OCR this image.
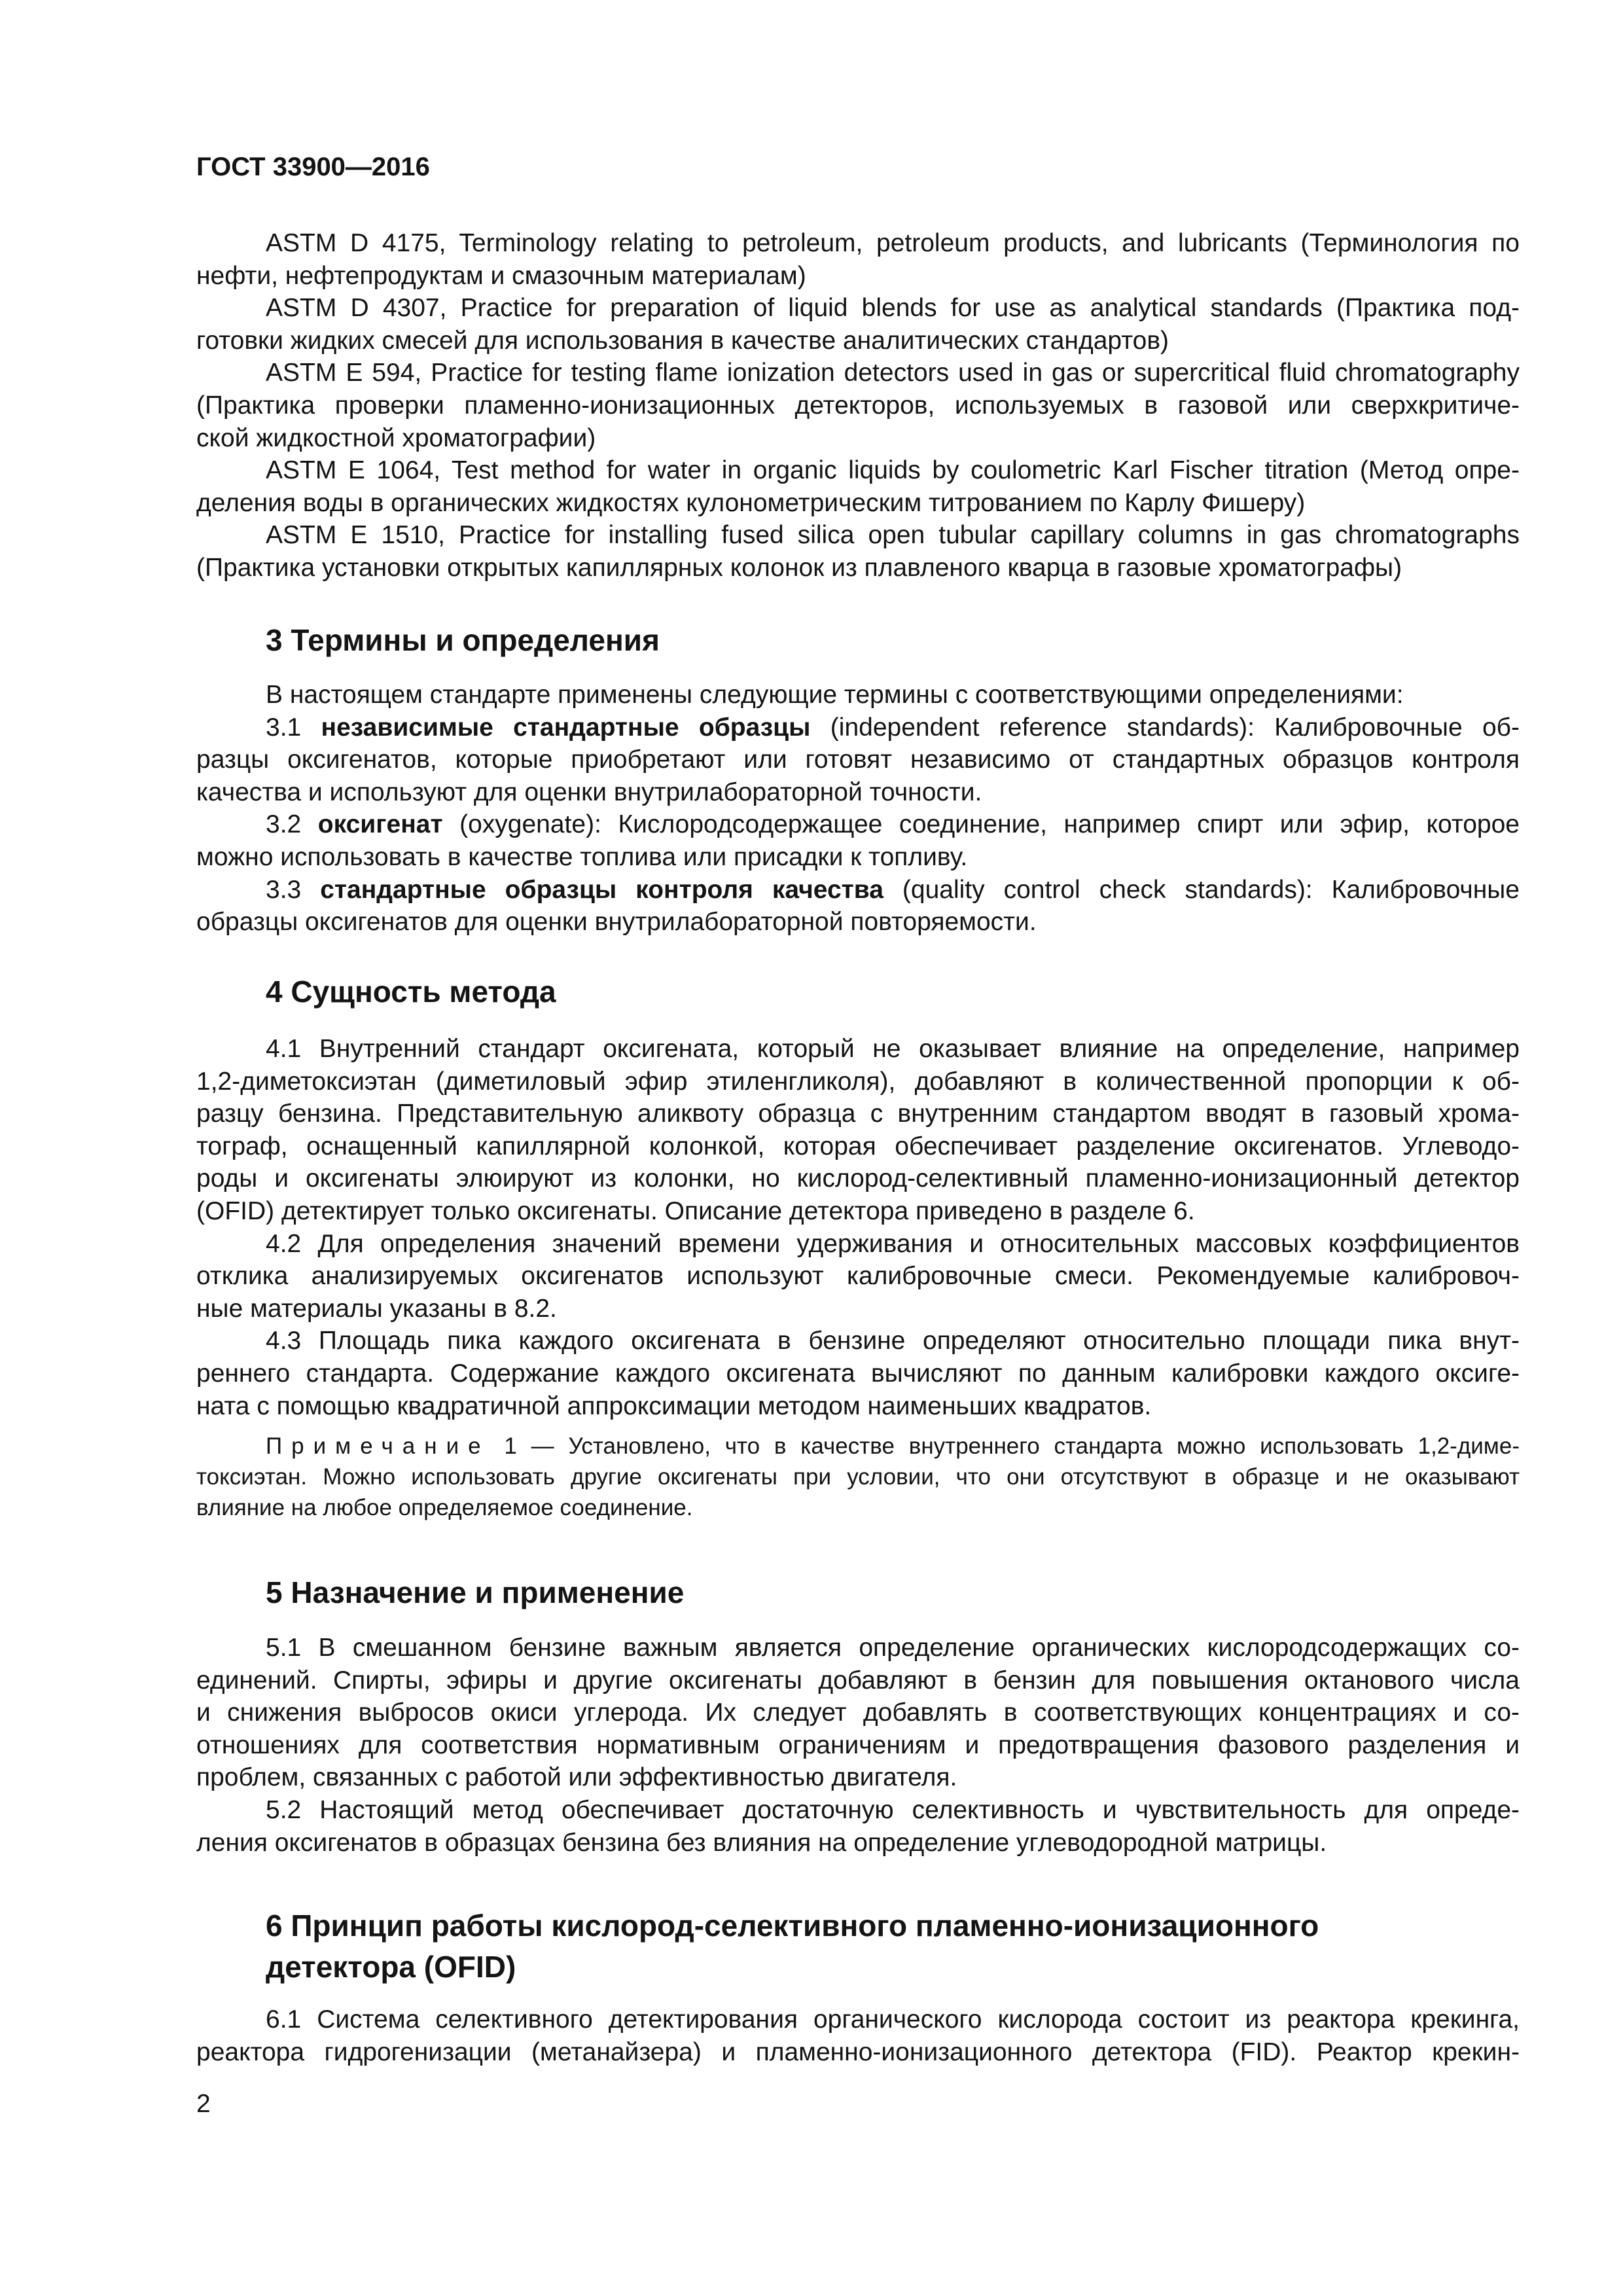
ГОСТ 33900—2016
ASTM D 4175, Terminology relating to petroleum, petroleum products, and lubricants (Терминология по
нефти, нефтепродуктам и смазочным материалам)
ASTM D 4307, Practice for preparation of liquid blends for use as analytical standards (Практика под-
готовки жидких смесей для использования в качестве аналитических стандартов)
ASTM E 594, Practice for testing flame ionization detectors used in gas or supercritical fluid chromatography
(Практика проверки пламенно-ионизационных детекторов, используемых в газовой или сверхкритиче-
ской жидкостной хроматографии)
ASTM E 1064, Test method for water in organic liquids by coulometric Karl Fischer titration (Метод опре-
деления воды в органических жидкостях кулонометрическим титрованием по Карлу Фишеру)
ASTM E 1510, Practice for installing fused silica open tubular capillary columns in gas chromatographs
(Практика установки открытых капиллярных колонок из плавленого кварца в газовые хроматографы)
3 Термины и определения
В настоящем стандарте применены следующие термины с соответствующими определениями:
3.1 независимые стандартные образцы (independent reference standards): Калибровочные об-
разцы оксигенатов, которые приобретают или готовят независимо от стандартных образцов контроля
качества и используют для оценки внутрилабораторной точности.
3.2 оксигенат (oxygenate): Кислородсодержащее соединение, например спирт или эфир, которое
можно использовать в качестве топлива или присадки к топливу.
3.3 стандартные образцы контроля качества (quality control check standards): Калибровочные
образцы оксигенатов для оценки внутрилабораторной повторяемости.
4 Сущность метода
4.1 Внутренний стандарт оксигената, который не оказывает влияние на определение, например
1,2-диметоксиэтан (диметиловый эфир этиленгликоля), добавляют в количественной пропорции к об-
разцу бензина. Представительную аликвоту образца с внутренним стандартом вводят в газовый хрома-
тограф, оснащенный капиллярной колонкой, которая обеспечивает разделение оксигенатов. Углеводо-
роды и оксигенаты элюируют из колонки, но кислород-селективный пламенно-ионизационный детектор
(OFID) детектирует только оксигенаты. Описание детектора приведено в разделе 6.
4.2 Для определения значений времени удерживания и относительных массовых коэффициентов
отклика анализируемых оксигенатов используют калибровочные смеси. Рекомендуемые калибровоч-
ные материалы указаны в 8.2.
4.3 Площадь пика каждого оксигената в бензине определяют относительно площади пика внут-
реннего стандарта. Содержание каждого оксигената вычисляют по данным калибровки каждого оксиге-
ната с помощью квадратичной аппроксимации методом наименьших квадратов.
Примечание 1 — Установлено, что в качестве внутреннего стандарта можно использовать 1,2-диме-
токсиэтан. Можно использовать другие оксигенаты при условии, что они отсутствуют в образце и не оказывают
влияние на любое определяемое соединение.
5 Назначение и применение
5.1 В смешанном бензине важным является определение органических кислородсодержащих со-
единений. Спирты, эфиры и другие оксигенаты добавляют в бензин для повышения октанового числа
и снижения выбросов окиси углерода. Их следует добавлять в соответствующих концентрациях и со-
отношениях для соответствия нормативным ограничениям и предотвращения фазового разделения и
проблем, связанных с работой или эффективностью двигателя.
5.2 Настоящий метод обеспечивает достаточную селективность и чувствительность для опреде-
ления оксигенатов в образцах бензина без влияния на определение углеводородной матрицы.
6 Принцип работы кислород-селективного пламенно-ионизационного
детектора (OFID)
6.1 Система селективного детектирования органического кислорода состоит из реактора крекинга,
реактора гидрогенизации (метанайзера) и пламенно-ионизационного детектора (FID). Реактор крекин-
2
